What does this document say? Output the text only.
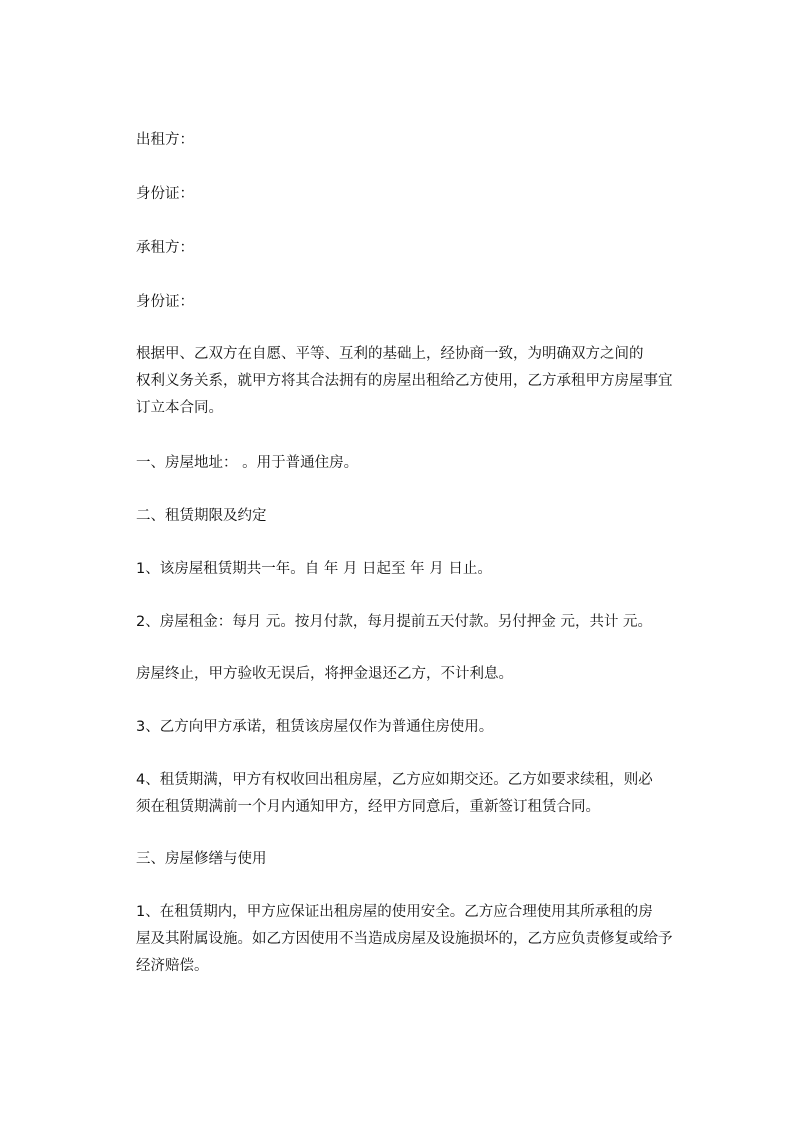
出租方：
身份证：
承租方：
身份证：
根据甲、乙双方在自愿、平等、互利的基础上，经协商一致，为明确双方之间的
权利义务关系，就甲方将其合法拥有的房屋出租给乙方使用，乙方承租甲方房屋事宜
订立本合同。
一、房屋地址： 。用于普通住房。
二、租赁期限及约定
1、该房屋租赁期共一年。自 年 月 日起至 年 月 日止。
2、房屋租金：每月 元。按月付款，每月提前五天付款。另付押金 元，共计 元。
房屋终止，甲方验收无误后，将押金退还乙方，不计利息。
3、乙方向甲方承诺，租赁该房屋仅作为普通住房使用。
4、租赁期满，甲方有权收回出租房屋，乙方应如期交还。乙方如要求续租，则必
须在租赁期满前一个月内通知甲方，经甲方同意后，重新签订租赁合同。
三、房屋修缮与使用
1、在租赁期内，甲方应保证出租房屋的使用安全。乙方应合理使用其所承租的房
屋及其附属设施。如乙方因使用不当造成房屋及设施损坏的，乙方应负责修复或给予
经济赔偿。
